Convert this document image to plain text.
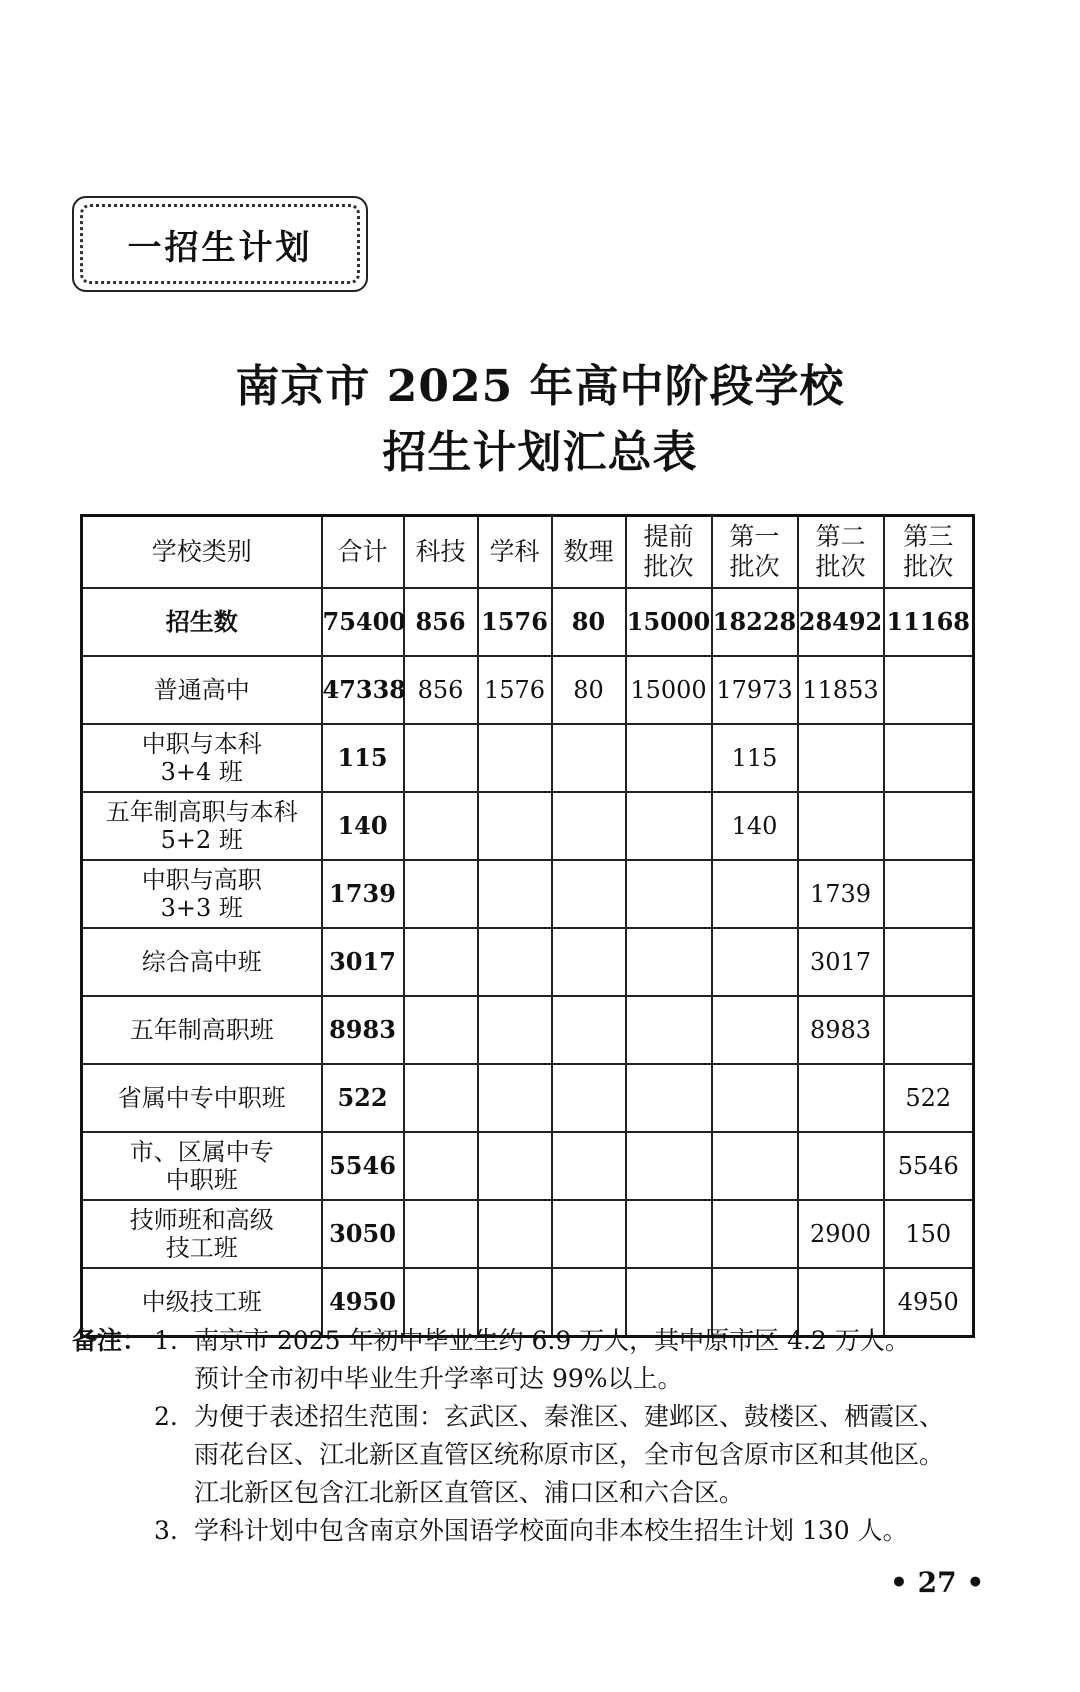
一招生计划
南京市 2025 年高中阶段学校
招生计划汇总表
学校类别	合计	科技	学科	数理	提前批次	第一批次	第二批次	第三批次

招生数	75400	856	1576	80	15000	18228	28492	11168

普通高中	47338	856	1576	80	15000	17973	11853	

中职与本科
3+4 班	115					115		

五年制高职与本科
5+2 班	140					140		

中职与高职
3+3 班	1739						1739	

综合高中班	3017						3017	

五年制高职班	8983						8983	

省属中专中职班	522							522

市、区属中专
中职班	5546							5546

技师班和高级
技工班	3050						2900	150

中级技工班	4950							4950
备注： 1. 南京市 2025 年初中毕业生约 6.9 万人，其中原市区 4.2 万人。
预计全市初中毕业生升学率可达 99%以上。
2. 为便于表述招生范围：玄武区、秦淮区、建邺区、鼓楼区、栖霞区、
雨花台区、江北新区直管区统称原市区，全市包含原市区和其他区。
江北新区包含江北新区直管区、浦口区和六合区。
3. 学科计划中包含南京外国语学校面向非本校生招生计划 130 人。
• 27 •
